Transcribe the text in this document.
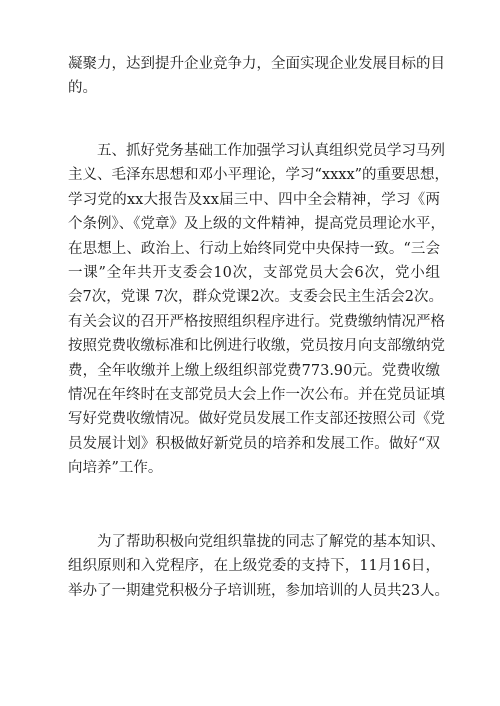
凝聚力，达到提升企业竞争力，全面实现企业发展目标的目
的。
五、抓好党务基础工作加强学习认真组织党员学习马列
主义、毛泽东思想和邓小平理论，学习“xxxx”的重要思想，
学习党的xx大报告及xx届三中、四中全会精神，学习《两
个条例》、《党章》及上级的文件精神，提高党员理论水平，
在思想上、政治上、行动上始终同党中央保持一致。“三会
一课”全年共开支委会10次，支部党员大会6次，党小组
会7次，党课 7次，群众党课2次。支委会民主生活会2次。
有关会议的召开严格按照组织程序进行。党费缴纳情况严格
按照党费收缴标准和比例进行收缴，党员按月向支部缴纳党
费，全年收缴并上缴上级组织部党费773.90元。党费收缴
情况在年终时在支部党员大会上作一次公布。并在党员证填
写好党费收缴情况。做好党员发展工作支部还按照公司《党
员发展计划》积极做好新党员的培养和发展工作。做好“双
向培养”工作。
为了帮助积极向党组织靠拢的同志了解党的基本知识、
组织原则和入党程序，在上级党委的支持下，11月16日，
举办了一期建党积极分子培训班，参加培训的人员共23人。
